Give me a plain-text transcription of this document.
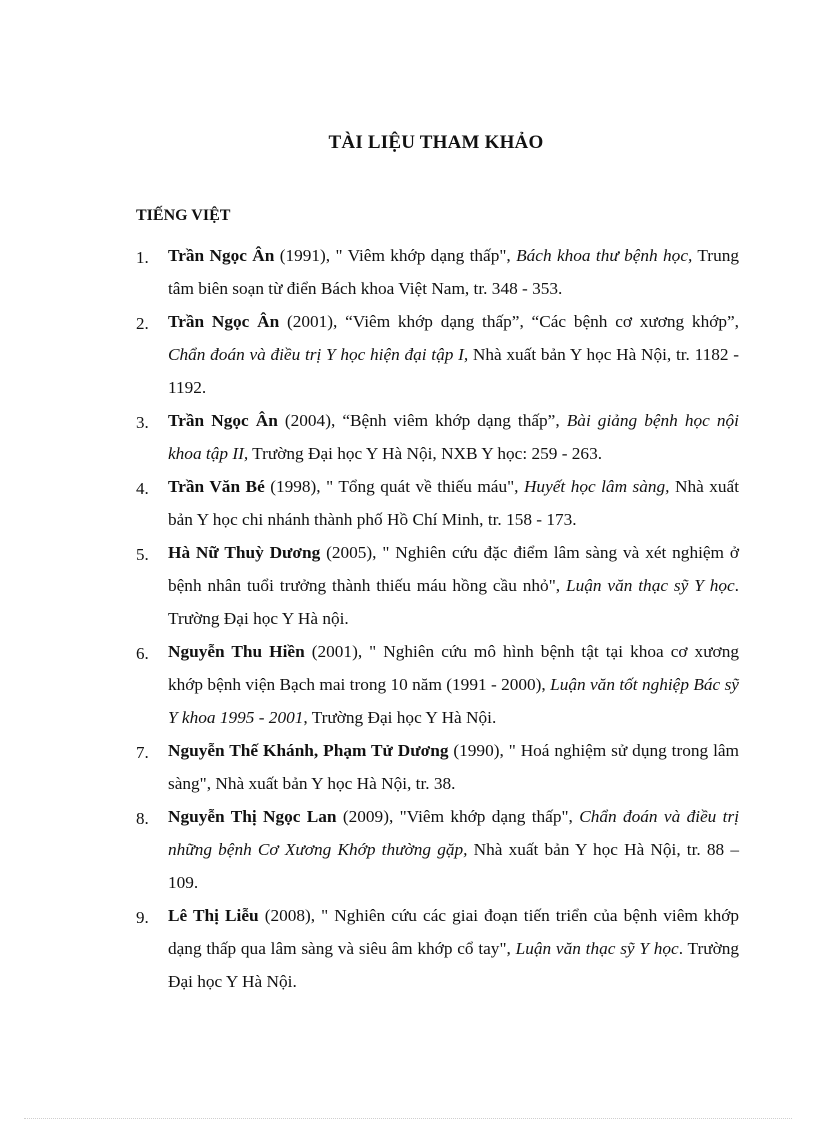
TÀI LIỆU THAM KHẢO
TIẾNG VIỆT
1. Trần Ngọc Ân (1991), " Viêm khớp dạng thấp", Bách khoa thư bệnh học, Trung tâm biên soạn từ điển Bách khoa Việt Nam, tr. 348 - 353.
2. Trần Ngọc Ân (2001), “Viêm khớp dạng thấp”, “Các bệnh cơ xương khớp”, Chẩn đoán và điều trị Y học hiện đại tập I, Nhà xuất bản Y học Hà Nội, tr. 1182 - 1192.
3. Trần Ngọc Ân (2004), “Bệnh viêm khớp dạng thấp”, Bài giảng bệnh học nội khoa tập II, Trường Đại học Y Hà Nội, NXB Y học: 259 - 263.
4. Trần Văn Bé (1998), " Tổng quát về thiếu máu", Huyết học lâm sàng, Nhà xuất bản Y học chi nhánh thành phố Hồ Chí Minh, tr. 158 - 173.
5. Hà Nữ Thuỳ Dương (2005), " Nghiên cứu đặc điểm lâm sàng và xét nghiệm ở bệnh nhân tuổi trưởng thành thiếu máu hồng cầu nhỏ", Luận văn thạc sỹ Y học. Trường Đại học Y Hà nội.
6. Nguyễn Thu Hiền (2001), " Nghiên cứu mô hình bệnh tật tại khoa cơ xương khớp bệnh viện Bạch mai trong 10 năm (1991 - 2000), Luận văn tốt nghiệp Bác sỹ Y khoa 1995 - 2001, Trường Đại học Y Hà Nội.
7. Nguyễn Thế Khánh, Phạm Tử Dương (1990), " Hoá nghiệm sử dụng trong lâm sàng", Nhà xuất bản Y học Hà Nội, tr. 38.
8. Nguyễn Thị Ngọc Lan (2009), "Viêm khớp dạng thấp", Chẩn đoán và điều trị những bệnh Cơ Xương Khớp thường gặp, Nhà xuất bản Y học Hà Nội, tr. 88 – 109.
9. Lê Thị Liễu (2008), " Nghiên cứu các giai đoạn tiến triển của bệnh viêm khớp dạng thấp qua lâm sàng và siêu âm khớp cổ tay", Luận văn thạc sỹ Y học. Trường Đại học Y Hà Nội.
